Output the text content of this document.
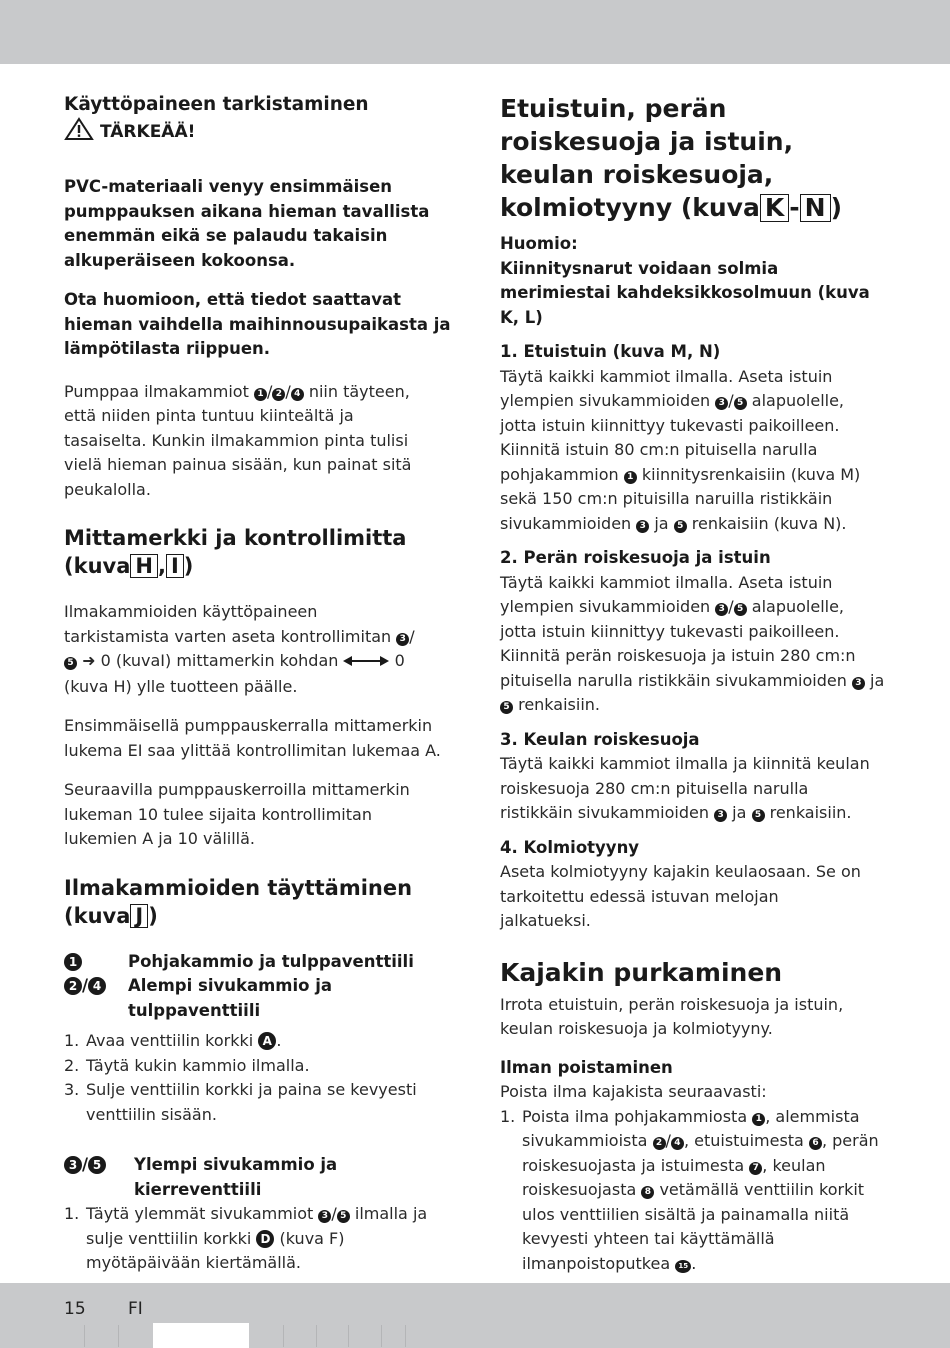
Käyttöpaineen tarkistaminen

TÄRKEÄÄ!

PVC-materiaali venyy ensimmäisen pumppauksen aikana hieman tavallista enemmän eikä se palaudu takaisin alkuperäiseen kokoonsa.

Ota huomioon, että tiedot saattavat hieman vaihdella maihinnousupaikasta ja lämpötilasta riippuen.

Pumppaa ilmakammiot 1 / 2 / 4 niin täyteen, että niiden pinta tuntuu kiinteältä ja tasaiselta. Kunkin ilmakammion pinta tulisi vielä hieman painua sisään, kun painat sitä peukalolla.

Mittamerkki ja kontrollimitta
(kuva H , I )

Ilmakammioiden käyttöpaineen tarkistamista varten aseta kontrollimitan 3 /5 ➜ 0 (kuvaI) mittamerkin kohdan	0 (kuva H) ylle tuotteen päälle.

Ensimmäisellä pumppauskerralla mittamerkin lukema EI saa ylittää kontrollimitan lukemaa A.

Seuraavilla pumppauskerroilla mittamerkin lukeman 10 tulee sijaita kontrollimitan lukemien A ja 10 välillä.

Ilmakammioiden täyttäminen
(kuva J )

1	Pohjakammio ja tulppaventtiili
2 / 4	Alempi sivukammio ja tulppaventtiili
1. Avaa venttiilin korkki A .
2. Täytä kukin kammio ilmalla.
3. Sulje venttiilin korkki ja paina se kevyesti venttiilin sisään.
3 / 5	Ylempi sivukammio ja kierreventtiili
1. Täytä ylemmät sivukammiot 3 / 5 ilmalla ja sulje venttiilin korkki D (kuva F) myötäpäivään kiertämällä.

Etuistuin, perän roiskesuoja ja istuin, keulan roiskesuoja, kolmiotyyny (kuva K - N )

Huomio:

Kiinnitysnarut voidaan solmia merimiestai kahdeksikkosolmuun (kuva K, L)

1. Etuistuin (kuva M, N)

Täytä kaikki kammiot ilmalla. Aseta istuin ylempien sivukammioiden 3 / 5 alapuolelle, jotta istuin kiinnittyy tukevasti paikoilleen. Kiinnitä istuin 80 cm:n pituisella narulla pohjakammion 1 kiinnitysrenkaisiin (kuva M) sekä 150 cm:n pituisilla naruilla ristikkäin sivukammioiden 3 ja 5 renkaisiin (kuva N).

2. Perän roiskesuoja ja istuin

Täytä kaikki kammiot ilmalla. Aseta istuin ylempien sivukammioiden 3 / 5 alapuolelle, jotta istuin kiinnittyy tukevasti paikoilleen. Kiinnitä perän roiskesuoja ja istuin 280 cm:n pituisella narulla ristikkäin sivukammioiden 3 ja 5 renkaisiin.

3. Keulan roiskesuoja

Täytä kaikki kammiot ilmalla ja kiinnitä keulan roiskesuoja 280 cm:n pituisella narulla ristikkäin sivukammioiden 3 ja 5 renkaisiin.

4. Kolmiotyyny

Aseta kolmiotyyny kajakin keulaosaan. Se on tarkoitettu edessä istuvan melojan jalkatueksi.

Kajakin purkaminen

Irrota etuistuin, perän roiskesuoja ja istuin, keulan roiskesuoja ja kolmiotyyny.

Ilman poistaminen

Poista ilma kajakista seuraavasti:

1. Poista ilma pohjakammiosta 1 , alemmista sivukammioista 2 / 4 , etuistuimesta 6 , perän roiskesuojasta ja istuimesta 7 , keulan roiskesuojasta 8 vetämällä venttiilin korkit ulos venttiilien sisältä ja painamalla niitä kevyesti yhteen tai käyttämällä ilmanpoistoputkea 15 .
15 FI
